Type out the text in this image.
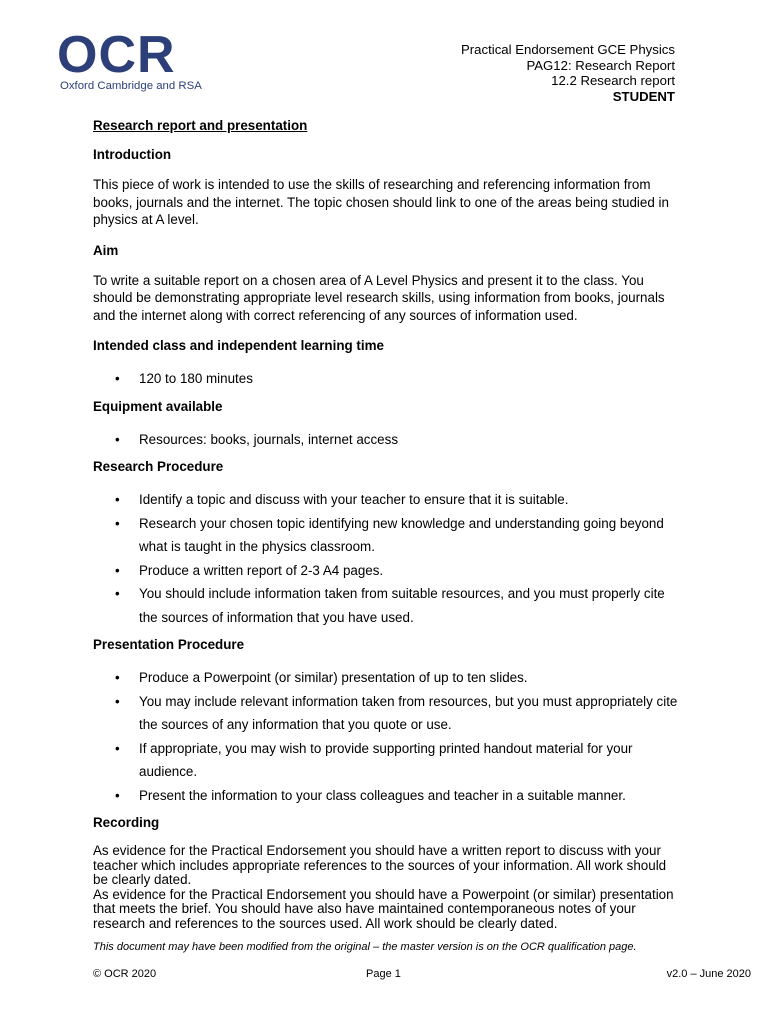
OCR
Oxford Cambridge and RSA
Practical Endorsement GCE Physics
PAG12: Research Report
12.2 Research report
STUDENT
Research report and presentation
Introduction

This piece of work is intended to use the skills of researching and referencing information from books, journals and the internet. The topic chosen should link to one of the areas being studied in physics at A level.

Aim

To write a suitable report on a chosen area of A Level Physics and present it to the class. You should be demonstrating appropriate level research skills, using information from books, journals and the internet along with correct referencing of any sources of information used.

Intended class and independent learning time
• 120 to 180 minutes
Equipment available
• Resources: books, journals, internet access
Research Procedure
• Identify a topic and discuss with your teacher to ensure that it is suitable.
• Research your chosen topic identifying new knowledge and understanding going beyond what is taught in the physics classroom.
• Produce a written report of 2-3 A4 pages.
• You should include information taken from suitable resources, and you must properly cite the sources of information that you have used.
Presentation Procedure
• Produce a Powerpoint (or similar) presentation of up to ten slides.
• You may include relevant information taken from resources, but you must appropriately cite the sources of any information that you quote or use.
• If appropriate, you may wish to provide supporting printed handout material for your audience.
• Present the information to your class colleagues and teacher in a suitable manner.
Recording

As evidence for the Practical Endorsement you should have a written report to discuss with your teacher which includes appropriate references to the sources of your information. All work should be clearly dated.

As evidence for the Practical Endorsement you should have a Powerpoint (or similar) presentation that meets the brief. You should have also have maintained contemporaneous notes of your research and references to the sources used. All work should be clearly dated.

This document may have been modified from the original – the master version is on the OCR qualification page.
© OCR 2020	Page 1	v2.0 – June 2020
